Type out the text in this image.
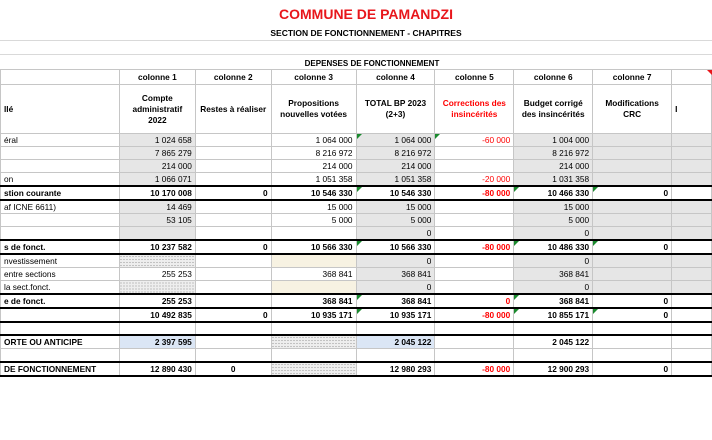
COMMUNE DE PAMANDZI
SECTION DE FONCTIONNEMENT - CHAPITRES
DEPENSES DE FONCTIONNEMENT
	colonne 1	colonne 2	colonne 3	colonne 4	colonne 5	colonne 6	colonne 7	
llé	Compte administratif 2022	Restes à réaliser	Propositions nouvelles votées	TOTAL BP 2023 (2+3)	Corrections des insincérités	Budget corrigé des insincérités	Modifications CRC	I
éral	1 024 658		1 064 000	1 064 000	-60 000	1 004 000		
	7 865 279		8 216 972	8 216 972		8 216 972		
	214 000		214 000	214 000		214 000		
on	1 066 071		1 051 358	1 051 358	-20 000	1 031 358		
stion courante	10 170 008	0	10 546 330	10 546 330	-80 000	10 466 330	0	
af ICNE 6611)	14 469		15 000	15 000		15 000		
	53 105		5 000	5 000		5 000		
				0		0		
s de fonct.	10 237 582	0	10 566 330	10 566 330	-80 000	10 486 330	0	
nvestissement				0		0		
entre sections	255 253		368 841	368 841		368 841		
la sect.fonct.				0		0		
e de fonct.	255 253		368 841	368 841	0	368 841	0	
	10 492 835	0	10 935 171	10 935 171	-80 000	10 855 171	0	

ORTE OU ANTICIPE	2 397 595			2 045 122		2 045 122		

DE FONCTIONNEMENT	12 890 430	0		12 980 293	-80 000	12 900 293	0	
